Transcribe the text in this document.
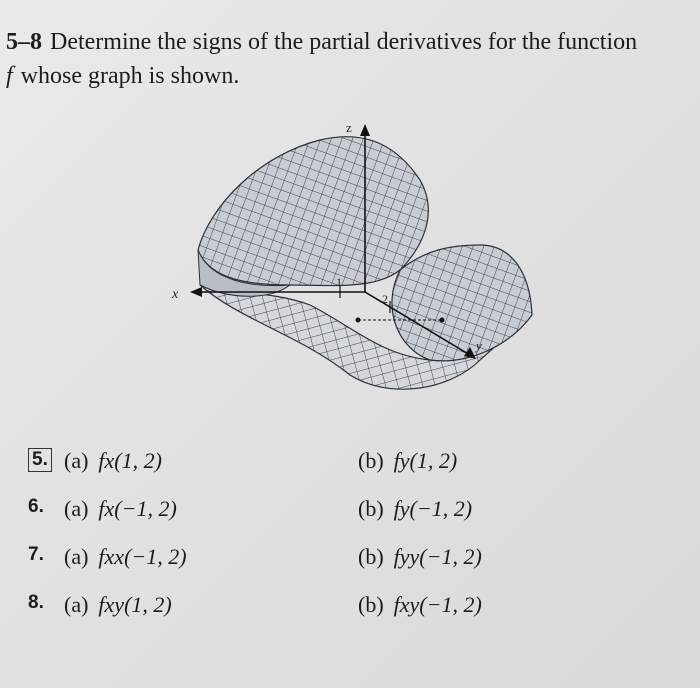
5–8 Determine the signs of the partial derivatives for the function
f whose graph is shown.
z
x
y
1
2
5. (a) fx(1, 2)	(b) fy(1, 2)
6. (a) fx(−1, 2)	(b) fy(−1, 2)
7. (a) fxx(−1, 2)	(b) fyy(−1, 2)
8. (a) fxy(1, 2)	(b) fxy(−1, 2)
